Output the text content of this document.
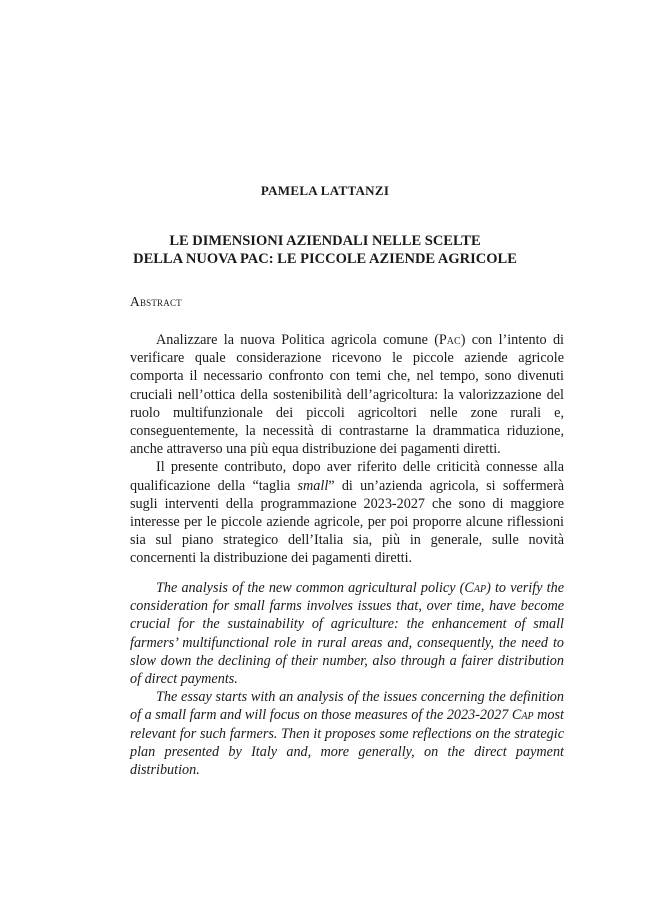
PAMELA LATTANZI
LE DIMENSIONI AZIENDALI NELLE SCELTE
DELLA NUOVA PAC: LE PICCOLE AZIENDE AGRICOLE
Abstract

Analizzare la nuova Politica agricola comune (Pac) con l’intento di verificare quale considerazione ricevono le piccole aziende agricole comporta il necessario confronto con temi che, nel tempo, sono divenuti cruciali nell’ottica della sostenibilità dell’agricoltura: la valorizzazione del ruolo multifunzionale dei piccoli agricoltori nelle zone rurali e, conseguentemente, la necessità di contrastarne la drammatica riduzione, anche attraverso una più equa distribuzione dei pagamenti diretti.

Il presente contributo, dopo aver riferito delle criticità connesse alla qualificazione della “taglia small” di un’azienda agricola, si soffermerà sugli interventi della programmazione 2023-2027 che sono di maggiore interesse per le piccole aziende agricole, per poi proporre alcune riflessioni sia sul piano strategico dell’Italia sia, più in generale, sulle novità concernenti la distribuzione dei pagamenti diretti.

The analysis of the new common agricultural policy (Cap) to verify the consideration for small farms involves issues that, over time, have become crucial for the sustainability of agriculture: the enhancement of small farmers’ multifunctional role in rural areas and, consequently, the need to slow down the declining of their number, also through a fairer distribution of direct payments.

The essay starts with an analysis of the issues concerning the definition of a small farm and will focus on those measures of the 2023-2027 Cap most relevant for such farmers. Then it proposes some reflections on the strategic plan presented by Italy and, more generally, on the direct payment distribution.
